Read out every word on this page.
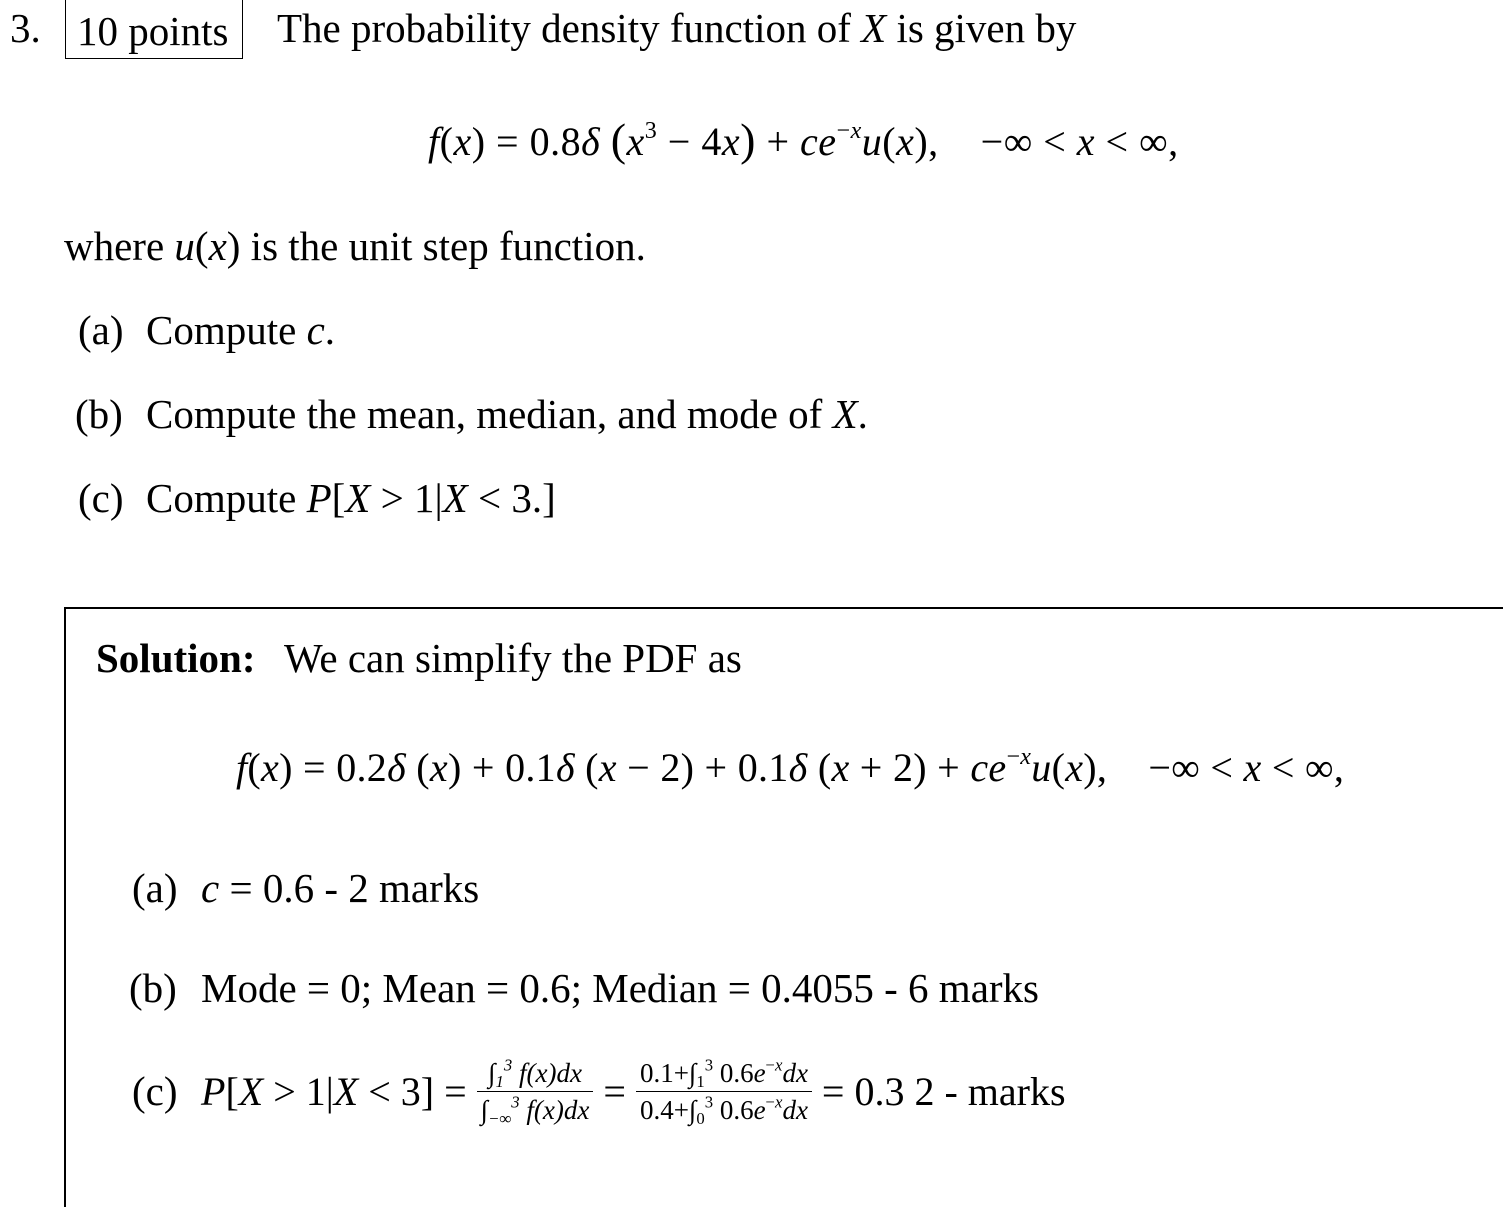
3. 10 points The probability density function of X is given by
f(x) = 0.8δ $(x^3 - 4x) + ce^{-x}u(x)$,    −∞ < x < ∞,
where u(x) is the unit step function.
(a) Compute c.
(b) Compute the mean, median, and mode of X.
(c) Compute P[X > 1|X < 3.]
Solution: We can simplify the PDF as
f(x) = 0.2δ (x) + 0.1δ (x − 2) + 0.1δ $(x + 2) + ce^{-x}u(x)$,    −∞ < x < ∞,
(a) c = 0.6 - 2 marks
(b) Mode = 0; Mean = 0.6; Median = 0.4055 - 6 marks
(c) $P[X > 1|X < 3] = \frac{\int_1^3 f(x)dx}{\int_{-\infty}^3 f(x)dx} = \frac{0.1+\int_1^3 0.6e^{-x}dx}{0.4+\int_0^3 0.6e^{-x}dx} = 0.3$ 2 - marks
